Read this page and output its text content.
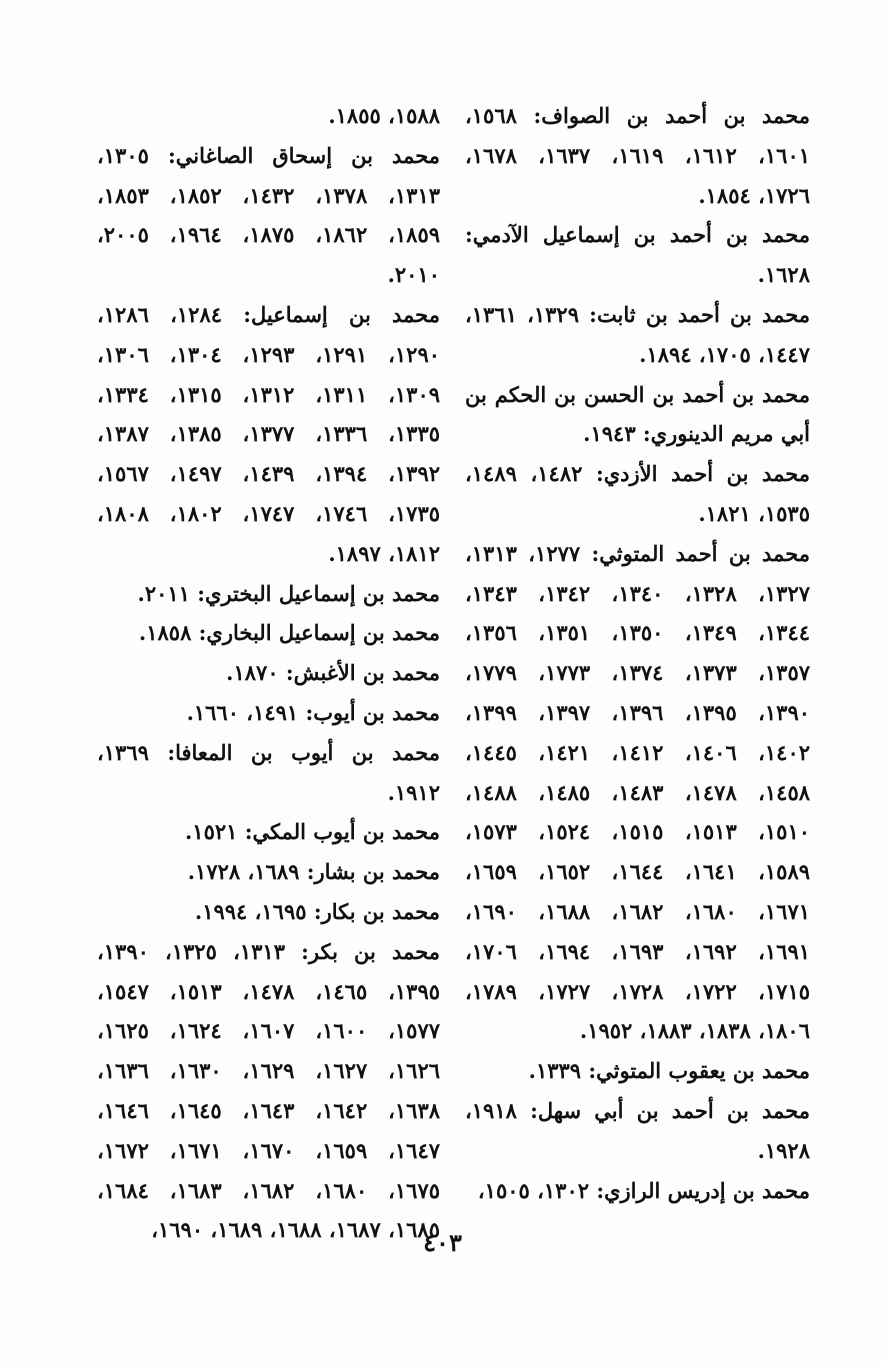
محمد بن أحمد بن الصواف: ١٥٦٨، ١٦٠١، ١٦١٢، ١٦١٩، ١٦٣٧، ١٦٧٨، ١٧٢٦، ١٨٥٤.

محمد بن أحمد بن إسماعيل الآدمي: ١٦٢٨.

محمد بن أحمد بن ثابت: ١٣٢٩، ١٣٦١، ١٤٤٧، ١٧٠٥، ١٨٩٤.

محمد بن أحمد بن الحسن بن الحكم بن أبي مريم الدينوري: ١٩٤٣.

محمد بن أحمد الأزدي: ١٤٨٢، ١٤٨٩، ١٥٣٥، ١٨٢١.

محمد بن أحمد المتوثي: ١٢٧٧، ١٣١٣، ١٣٢٧، ١٣٢٨، ١٣٤٠، ١٣٤٢، ١٣٤٣، ١٣٤٤، ١٣٤٩، ١٣٥٠، ١٣٥١، ١٣٥٦، ١٣٥٧، ١٣٧٣، ١٣٧٤، ١٧٧٣، ١٧٧٩، ١٣٩٠، ١٣٩٥، ١٣٩٦، ١٣٩٧، ١٣٩٩، ١٤٠٢، ١٤٠٦، ١٤١٢، ١٤٢١، ١٤٤٥، ١٤٥٨، ١٤٧٨، ١٤٨٣، ١٤٨٥، ١٤٨٨، ١٥١٠، ١٥١٣، ١٥١٥، ١٥٢٤، ١٥٧٣، ١٥٨٩، ١٦٤١، ١٦٤٤، ١٦٥٢، ١٦٥٩، ١٦٧١، ١٦٨٠، ١٦٨٢، ١٦٨٨، ١٦٩٠، ١٦٩١، ١٦٩٢، ١٦٩٣، ١٦٩٤، ١٧٠٦، ١٧١٥، ١٧٢٢، ١٧٢٨، ١٧٢٧، ١٧٨٩، ١٨٠٦، ١٨٣٨، ١٨٨٣، ١٩٥٢.

محمد بن يعقوب المتوثي: ١٣٣٩.

محمد بن أحمد بن أبي سهل: ١٩١٨، ١٩٢٨.

محمد بن إدريس الرازي: ١٣٠٢، ١٥٠٥،

١٥٨٨، ١٨٥٥.

محمد بن إسحاق الصاغاني: ١٣٠٥، ١٣١٣، ١٣٧٨، ١٤٣٢، ١٨٥٢، ١٨٥٣، ١٨٥٩، ١٨٦٢، ١٨٧٥، ١٩٦٤، ٢٠٠٥، ٢٠١٠.

محمد بن إسماعيل: ١٢٨٤، ١٢٨٦، ١٢٩٠، ١٢٩١، ١٢٩٣، ١٣٠٤، ١٣٠٦، ١٣٠٩، ١٣١١، ١٣١٢، ١٣١٥، ١٣٣٤، ١٣٣٥، ١٣٣٦، ١٣٧٧، ١٣٨٥، ١٣٨٧، ١٣٩٢، ١٣٩٤، ١٤٣٩، ١٤٩٧، ١٥٦٧، ١٧٣٥، ١٧٤٦، ١٧٤٧، ١٨٠٢، ١٨٠٨، ١٨١٢، ١٨٩٧.

محمد بن إسماعيل البختري: ٢٠١١.

محمد بن إسماعيل البخاري: ١٨٥٨.

محمد بن الأغبش: ١٨٧٠.

محمد بن أيوب: ١٤٩١، ١٦٦٠.

محمد بن أيوب بن المعافا: ١٣٦٩، ١٩١٢.

محمد بن أيوب المكي: ١٥٢١.

محمد بن بشار: ١٦٨٩، ١٧٢٨.

محمد بن بكار: ١٦٩٥، ١٩٩٤.

محمد بن بكر: ١٣١٣، ١٣٢٥، ١٣٩٠، ١٣٩٥، ١٤٦٥، ١٤٧٨، ١٥١٣، ١٥٤٧، ١٥٧٧، ١٦٠٠، ١٦٠٧، ١٦٢٤، ١٦٢٥، ١٦٢٦، ١٦٢٧، ١٦٢٩، ١٦٣٠، ١٦٣٦، ١٦٣٨، ١٦٤٢، ١٦٤٣، ١٦٤٥، ١٦٤٦، ١٦٤٧، ١٦٥٩، ١٦٧٠، ١٦٧١، ١٦٧٢، ١٦٧٥، ١٦٨٠، ١٦٨٢، ١٦٨٣، ١٦٨٤، ١٦٨٥، ١٦٨٧، ١٦٨٨، ١٦٨٩، ١٦٩٠،

٤٠٣
